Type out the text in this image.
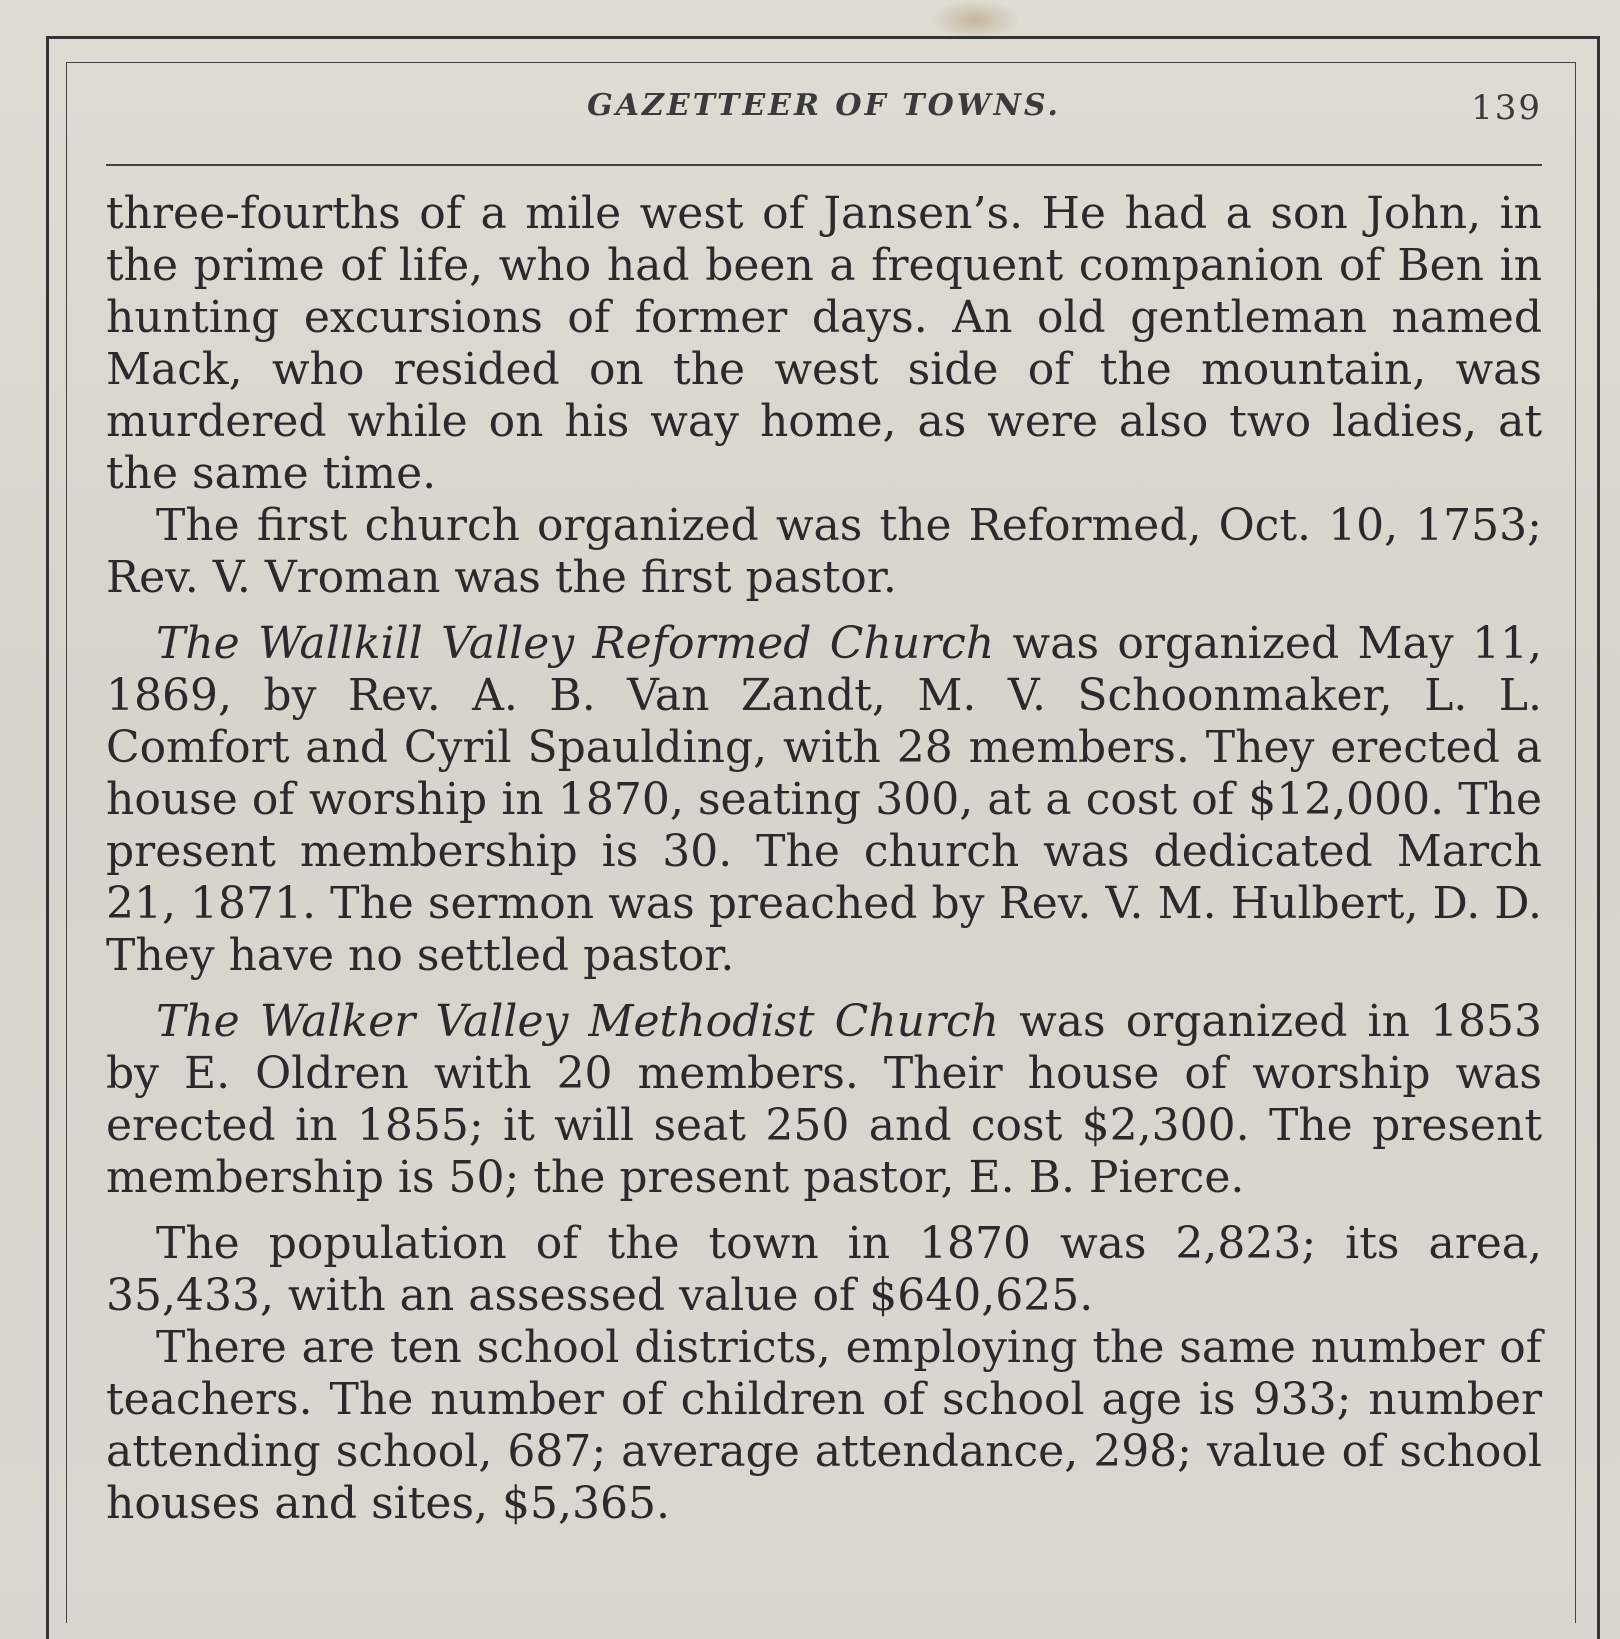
GAZETTEER OF TOWNS.	139

three-fourths of a mile west of Jansen’s. He had a son John, in the prime of life, who had been a frequent companion of Ben in hunting excursions of former days. An old gentleman named Mack, who resided on the west side of the mountain, was murdered while on his way home, as were also two ladies, at the same time.

The first church organized was the Reformed, Oct. 10, 1753; Rev. V. Vroman was the first pastor.

The Wallkill Valley Reformed Church was organized May 11, 1869, by Rev. A. B. Van Zandt, M. V. Schoonmaker, L. L. Comfort and Cyril Spaulding, with 28 members. They erected a house of worship in 1870, seating 300, at a cost of $12,000. The present membership is 30. The church was dedicated March 21, 1871. The sermon was preached by Rev. V. M. Hulbert, D. D. They have no settled pastor.

The Walker Valley Methodist Church was organized in 1853 by E. Oldren with 20 members. Their house of worship was erected in 1855; it will seat 250 and cost $2,300. The present membership is 50; the present pastor, E. B. Pierce.

The population of the town in 1870 was 2,823; its area, 35,433, with an assessed value of $640,625.

There are ten school districts, employing the same number of teachers. The number of children of school age is 933; number attending school, 687; average attendance, 298; value of school houses and sites, $5,365.
